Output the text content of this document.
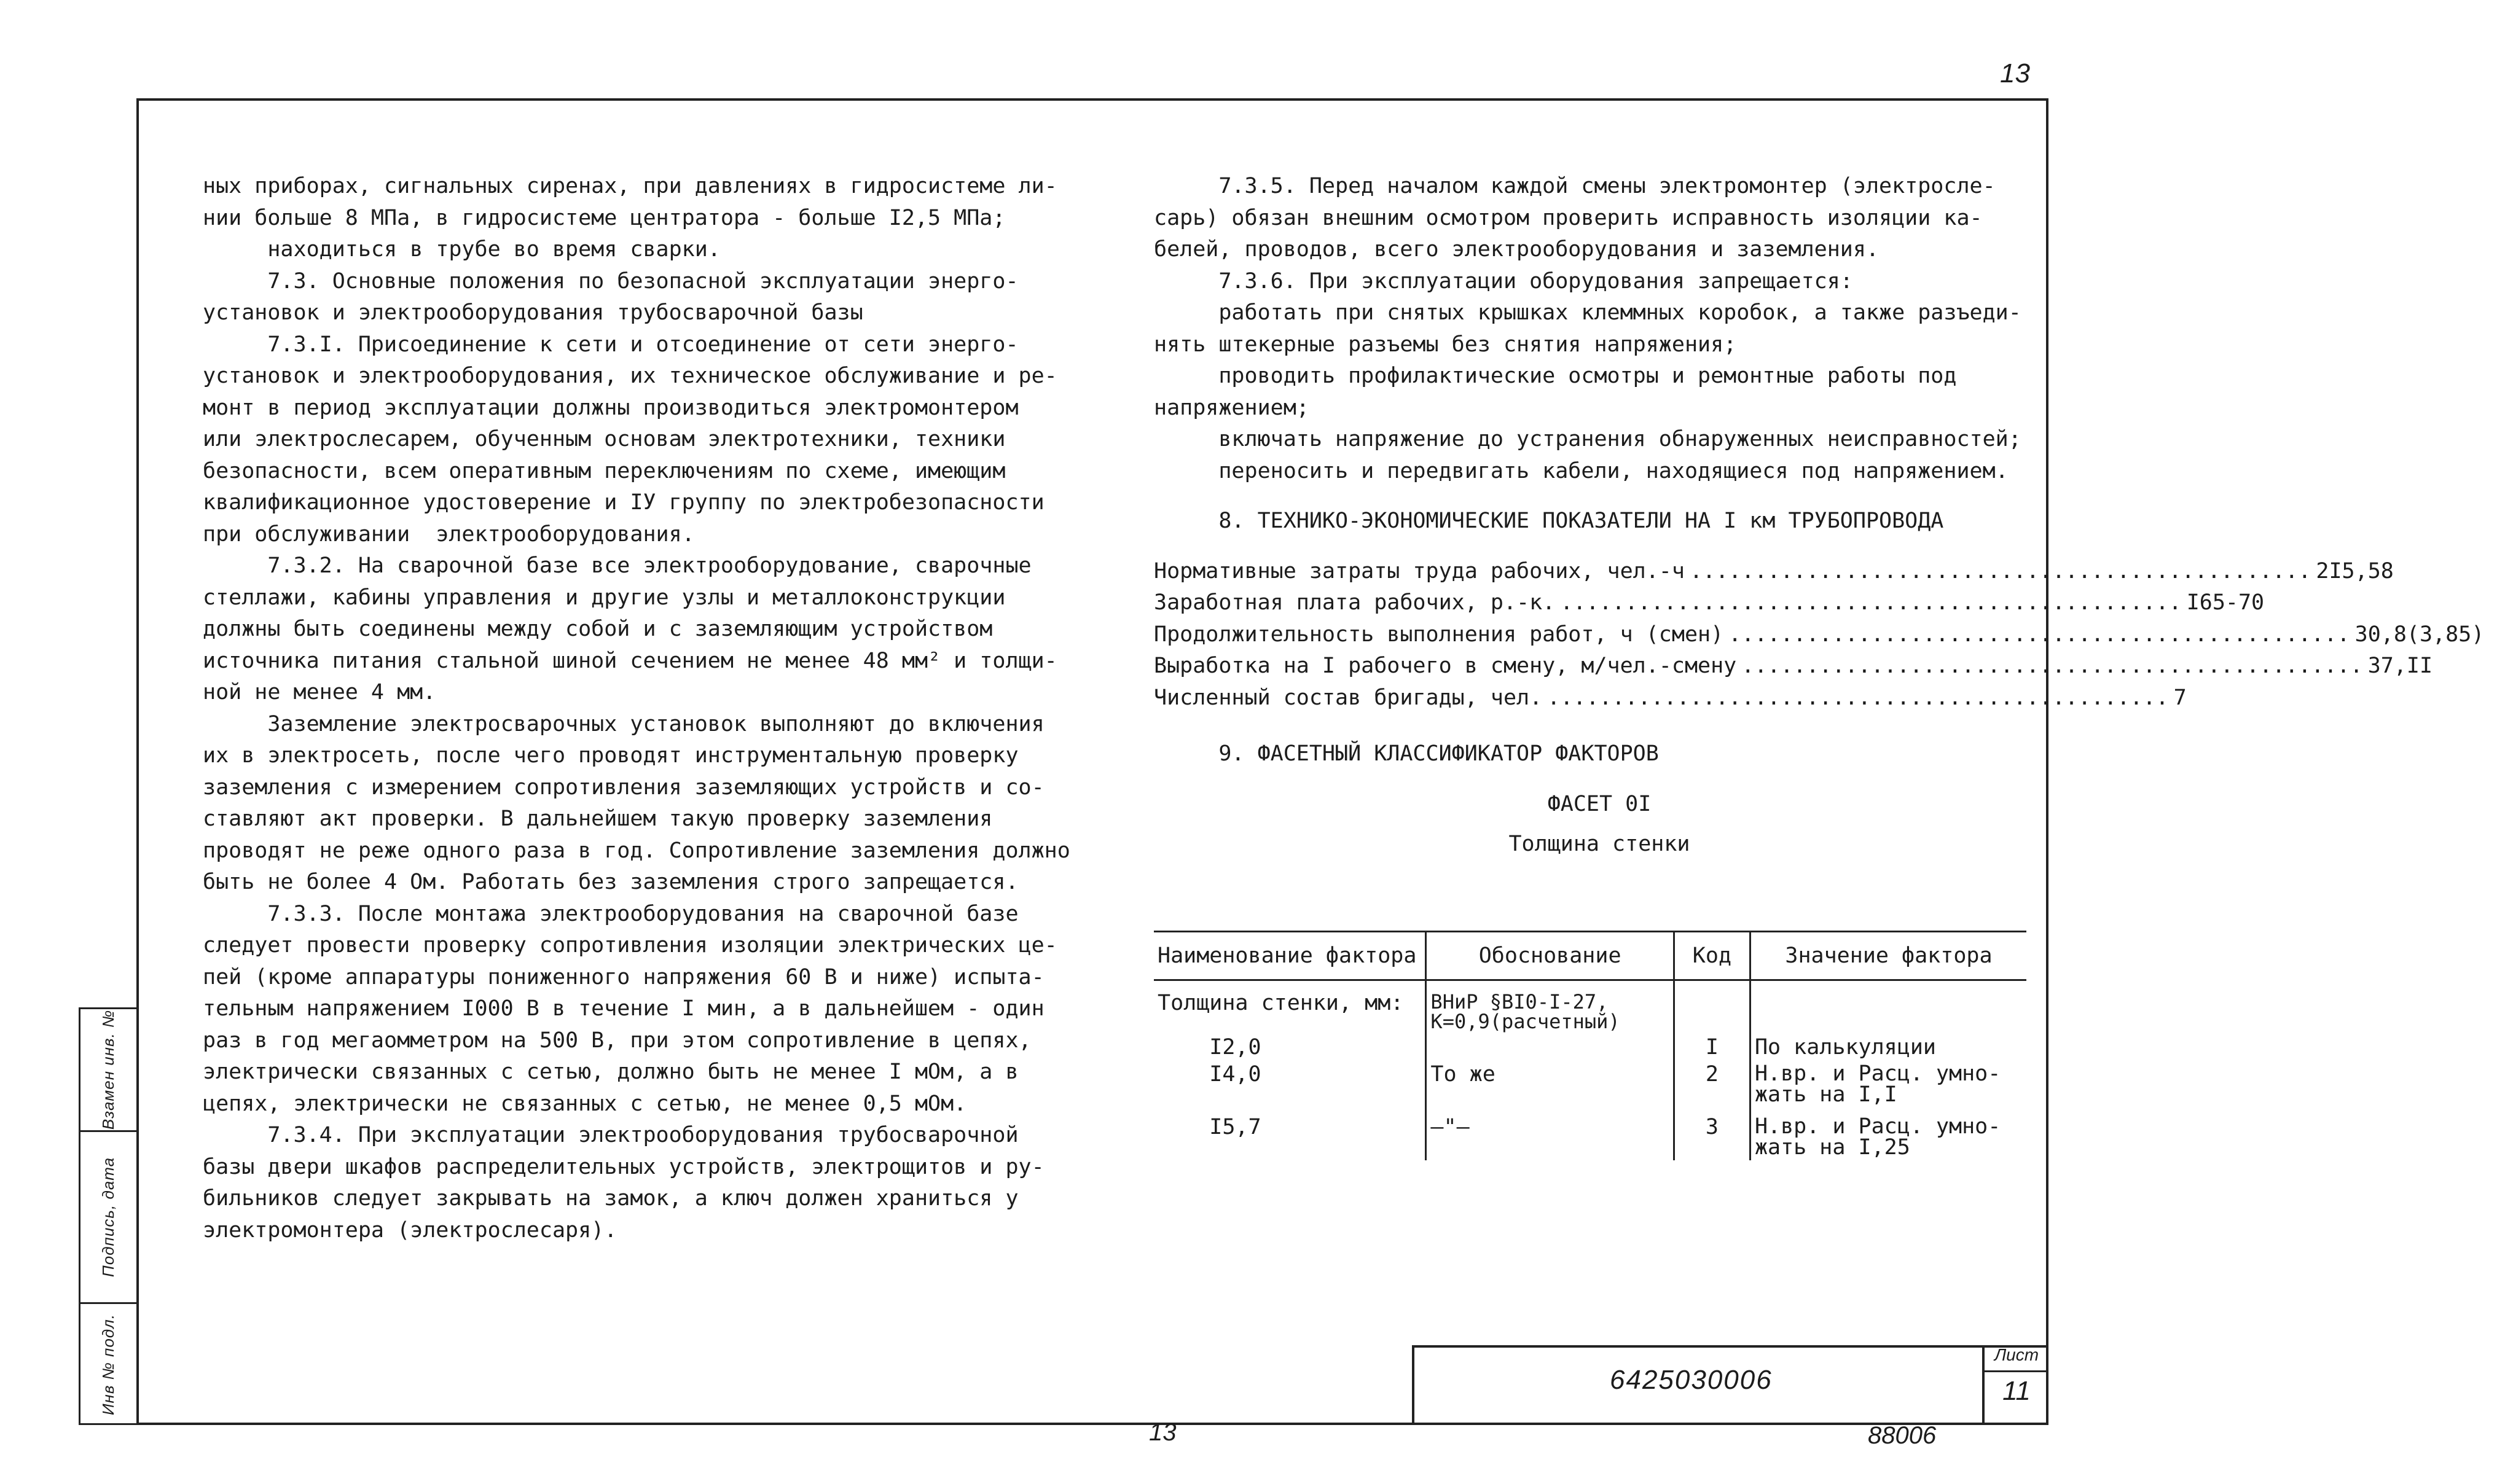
13
Взамен инв. №
Подпись, дата
Инв № подл.
ных приборах, сигнальных сиренах, при давлениях в гидросистеме ли-
нии больше 8 МПа, в гидросистеме центратора - больше I2,5 МПа;
находиться в трубе во время сварки.
7.3. Основные положения по безопасной эксплуатации энерго-
установок и электрооборудования трубосварочной базы
7.3.I. Присоединение к сети и отсоединение от сети энерго-
установок и электрооборудования, их техническое обслуживание и ре-
монт в период эксплуатации должны производиться электромонтером
или электрослесарем, обученным основам электротехники, техники
безопасности, всем оперативным переключениям по схеме, имеющим
квалификационное удостоверение и IУ группу по электробезопасности
при обслуживании  электрооборудования.
7.3.2. На сварочной базе все электрооборудование, сварочные
стеллажи, кабины управления и другие узлы и металлоконструкции
должны быть соединены между собой и с заземляющим устройством
источника питания стальной шиной сечением не менее 48 мм² и толщи-
ной не менее 4 мм.
Заземление электросварочных установок выполняют до включения
их в электросеть, после чего проводят инструментальную проверку
заземления с измерением сопротивления заземляющих устройств и со-
ставляют акт проверки. В дальнейшем такую проверку заземления
проводят не реже одного раза в год. Сопротивление заземления должно
быть не более 4 Ом. Работать без заземления строго запрещается.
7.3.3. После монтажа электрооборудования на сварочной базе
следует провести проверку сопротивления изоляции электрических це-
пей (кроме аппаратуры пониженного напряжения 60 В и ниже) испыта-
тельным напряжением I000 В в течение I мин, а в дальнейшем - один
раз в год мегаомметром на 500 В, при этом сопротивление в цепях,
электрически связанных с сетью, должно быть не менее I мОм, а в
цепях, электрически не связанных с сетью, не менее 0,5 мОм.
7.3.4. При эксплуатации электрооборудования трубосварочной
базы двери шкафов распределительных устройств, электрощитов и ру-
бильников следует закрывать на замок, а ключ должен храниться у
электромонтера (электрослесаря).
7.3.5. Перед началом каждой смены электромонтер (электросле-
сарь) обязан внешним осмотром проверить исправность изоляции ка-
белей, проводов, всего электрооборудования и заземления.
7.3.6. При эксплуатации оборудования запрещается:
работать при снятых крышках клеммных коробок, а также разъеди-
нять штекерные разъемы без снятия напряжения;
проводить профилактические осмотры и ремонтные работы под
напряжением;
включать напряжение до устранения обнаруженных неисправностей;
переносить и передвигать кабели, находящиеся под напряжением.
8. ТЕХНИКО-ЭКОНОМИЧЕСКИЕ ПОКАЗАТЕЛИ НА I км ТРУБОПРОВОДА
Нормативные затраты труда рабочих, чел.-ч ................................................ 2I5,58
Заработная плата рабочих, р.-к. ................................................ I65-70
Продолжительность выполнения работ, ч (смен) ................................................ 30,8(3,85)
Выработка на I рабочего в смену, м/чел.-смену ................................................ 37,II
Численный состав бригады, чел. ................................................ 7
9. ФАСЕТНЫЙ КЛАССИФИКАТОР ФАКТОРОВ
ФАСЕТ 0I
Толщина стенки
Наименование фактора	Обоснование	Код	Значение фактора
Толщина стенки, мм:	ВНиР §ВI0-I-27,
К=0,9(расчетный)		
I2,0		I	По калькуляции
I4,0	То же	2	Н.вр. и Расц. умно-
жать на I,I
I5,7	—"—	3	Н.вр. и Расц. умно-
жать на I,25
6425030006
Лист
11
13	88006
